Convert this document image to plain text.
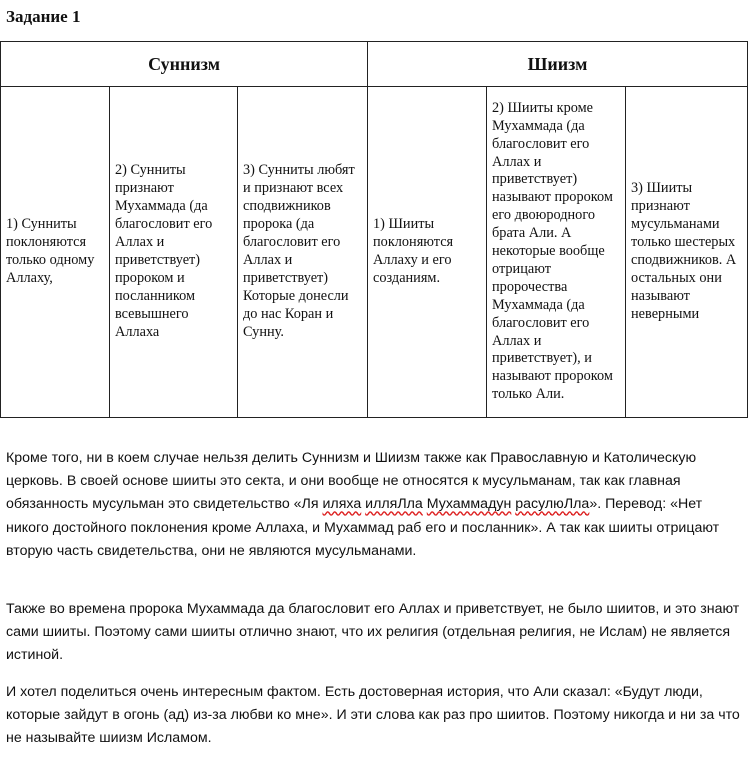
Задание 1
Суннизм			Шиизм		
1) Сунниты поклоняются только одному Аллаху,	2) Сунниты признают Мухаммада (да благословит его Аллах и приветствует) пророком и посланником всевышнего Аллаха	3) Сунниты любят и признают всех сподвижников пророка (да благословит его Аллах и приветствует) Которые донесли до нас Коран и Сунну.	1) Шииты поклоняются Аллаху и его созданиям.	2) Шииты кроме Мухаммада (да благословит его Аллах и приветствует) называют пророком его двоюродного брата Али. А некоторые вообще отрицают пророчества Мухаммада (да благословит его Аллах и приветствует), и называют пророком только Али.	3) Шииты признают мусульманами только шестерых сподвижников. А остальных они называют неверными
Кроме того, ни в коем случае нельзя делить Суннизм и Шиизм также как Православную и Католическую церковь. В своей основе шииты это секта, и они вообще не относятся к мусульманам, так как главная обязанность мусульман это свидетельство «Ля иляха илляЛла Мухаммадун расулюЛла». Перевод: «Нет никого достойного поклонения кроме Аллаха, и Мухаммад раб его и посланник». А так как шииты отрицают вторую часть свидетельства, они не являются мусульманами.
Также во времена пророка Мухаммада да благословит его Аллах и приветствует, не было шиитов, и это знают сами шииты. Поэтому сами шииты отлично знают, что их религия (отдельная религия, не Ислам) не является истиной.
И хотел поделиться очень интересным фактом. Есть достоверная история, что Али сказал: «Будут люди, которые зайдут в огонь (ад) из-за любви ко мне». И эти слова как раз про шиитов. Поэтому никогда и ни за что не называйте шиизм Исламом.
